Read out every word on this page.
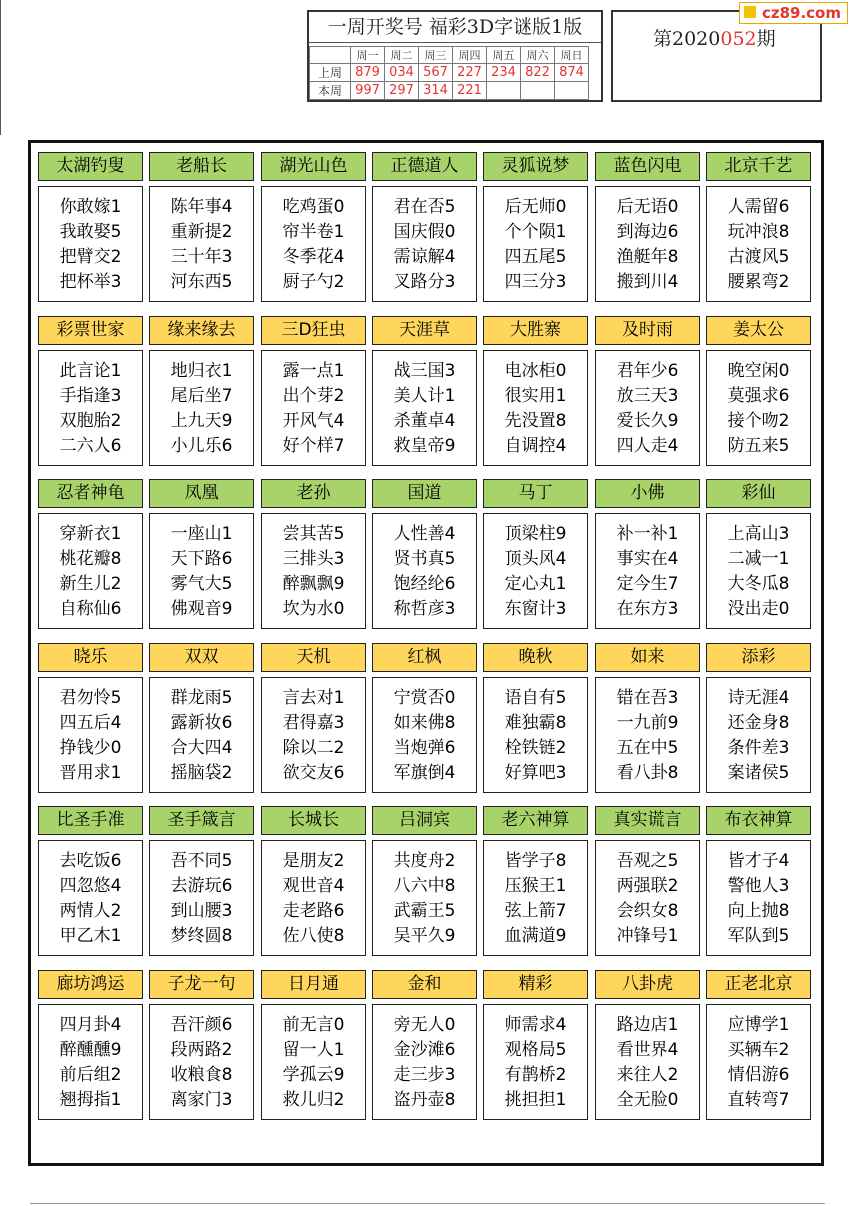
一周开奖号 福彩3D字谜版1版
	周一	周二	周三	周四	周五	周六	周日
上周	879	034	567	227	234	822	874
本周	997	297	314	221			
第2020052期
cz89.com
太湖钓叟
你敢嫁1
我敢娶5
把臂交2
把杯举3
老船长
陈年事4
重新提2
三十年3
河东西5
湖光山色
吃鸡蛋0
帘半卷1
冬季花4
厨子勺2
正德道人
君在否5
国庆假0
需谅解4
叉路分3
灵狐说梦
后无师0
个个陨1
四五尾5
四三分3
蓝色闪电
后无语0
到海边6
渔艇年8
搬到川4
北京千艺
人需留6
玩冲浪8
古渡风5
腰累弯2
彩票世家
此言论1
手指逢3
双胞胎2
二六人6
缘来缘去
地归衣1
尾后坐7
上九天9
小儿乐6
三D狂虫
露一点1
出个芽2
开风气4
好个样7
天涯草
战三国3
美人计1
杀董卓4
救皇帝9
大胜寨
电冰柜0
很实用1
先没置8
自调控4
及时雨
君年少6
放三天3
爱长久9
四人走4
姜太公
晚空闲0
莫强求6
接个吻2
防五来5
忍者神龟
穿新衣1
桃花瓣8
新生儿2
自称仙6
凤凰
一座山1
天下路6
雾气大5
佛观音9
老孙
尝其苦5
三排头3
醉飘飘9
坎为水0
国道
人性善4
贤书真5
饱经纶6
称哲彦3
马丁
顶梁柱9
顶头风4
定心丸1
东窗计3
小佛
补一补1
事实在4
定今生7
在东方3
彩仙
上高山3
二减一1
大冬瓜8
没出走0
晓乐
君勿怜5
四五后4
挣钱少0
晋用求1
双双
群龙雨5
露新妆6
合大四4
摇脑袋2
天机
言去对1
君得嘉3
除以二2
欲交友6
红枫
宁赏否0
如来佛8
当炮弹6
军旗倒4
晚秋
语自有5
难独霸8
栓铁链2
好算吧3
如来
错在吾3
一九前9
五在中5
看八卦8
添彩
诗无涯4
还金身8
条件差3
案诸侯5
比圣手准
去吃饭6
四忽悠4
两情人2
甲乙木1
圣手箴言
吾不同5
去游玩6
到山腰3
梦终圆8
长城长
是朋友2
观世音4
走老路6
佐八使8
吕洞宾
共度舟2
八六中8
武霸王5
吴平久9
老六神算
皆学子8
压猴王1
弦上箭7
血满道9
真实谎言
吾观之5
两强联2
会织女8
冲锋号1
布衣神算
皆才子4
警他人3
向上抛8
军队到5
廊坊鸿运
四月卦4
醉醺醺9
前后组2
翘拇指1
子龙一句
吾汗颜6
段两路2
收粮食8
离家门3
日月通
前无言0
留一人1
学孤云9
救儿归2
金和
旁无人0
金沙滩6
走三步3
盗丹壶8
精彩
师需求4
观格局5
有鹊桥2
挑担担1
八卦虎
路边店1
看世界4
来往人2
全无脸0
正老北京
应博学1
买辆车2
情侣游6
直转弯7
